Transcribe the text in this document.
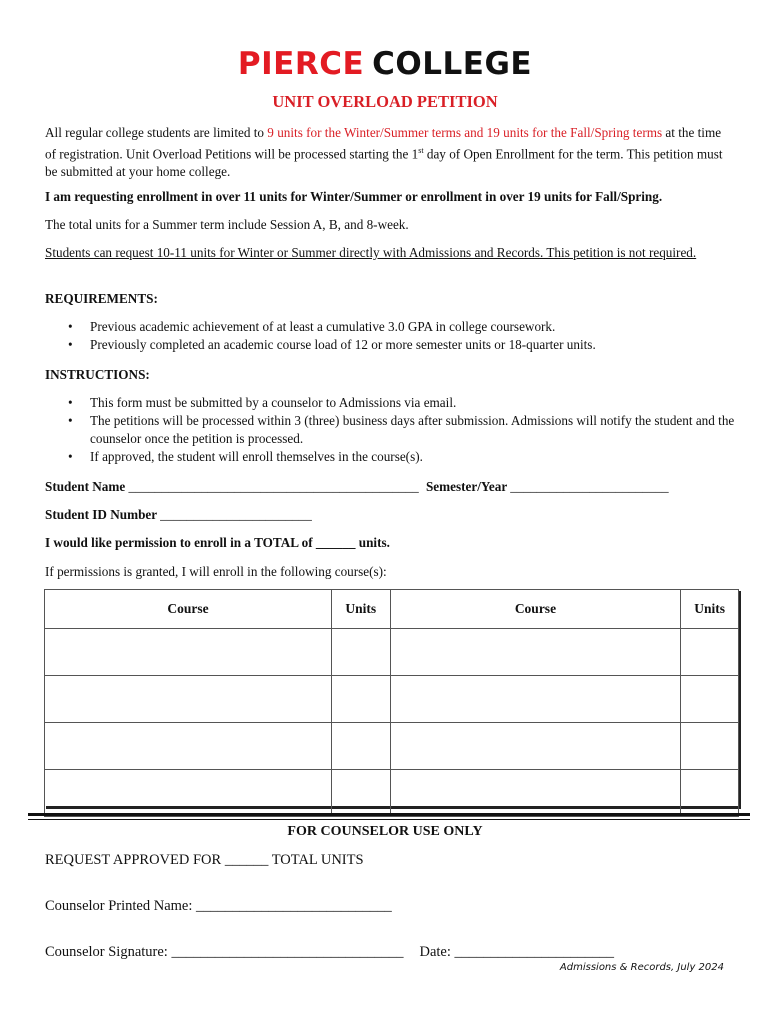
PIERCE COLLEGE
UNIT OVERLOAD PETITION
All regular college students are limited to 9 units for the Winter/Summer terms and 19 units for the Fall/Spring terms at the time of registration. Unit Overload Petitions will be processed starting the 1st day of Open Enrollment for the term. This petition must be submitted at your home college.
I am requesting enrollment in over 11 units for Winter/Summer or enrollment in over 19 units for Fall/Spring.
The total units for a Summer term include Session A, B, and 8-week.
Students can request 10-11 units for Winter or Summer directly with Admissions and Records. This petition is not required.
REQUIREMENTS:
• Previous academic achievement of at least a cumulative 3.0 GPA in college coursework.
• Previously completed an academic course load of 12 or more semester units or 18-quarter units.
INSTRUCTIONS:
• This form must be submitted by a counselor to Admissions via email.
• The petitions will be processed within 3 (three) business days after submission. Admissions will notify the student and the counselor once the petition is processed.
• If approved, the student will enroll themselves in the course(s).
Student Name ____________________________________________ Semester/Year ________________________
Student ID Number _______________________
I would like permission to enroll in a TOTAL of ______ units.
If permissions is granted, I will enroll in the following course(s):
Course	Units	Course	Units

FOR COUNSELOR USE ONLY
REQUEST APPROVED FOR ______ TOTAL UNITS
Counselor Printed Name: ___________________________
Counselor Signature: ________________________________ Date: ______________________
Admissions & Records, July 2024
